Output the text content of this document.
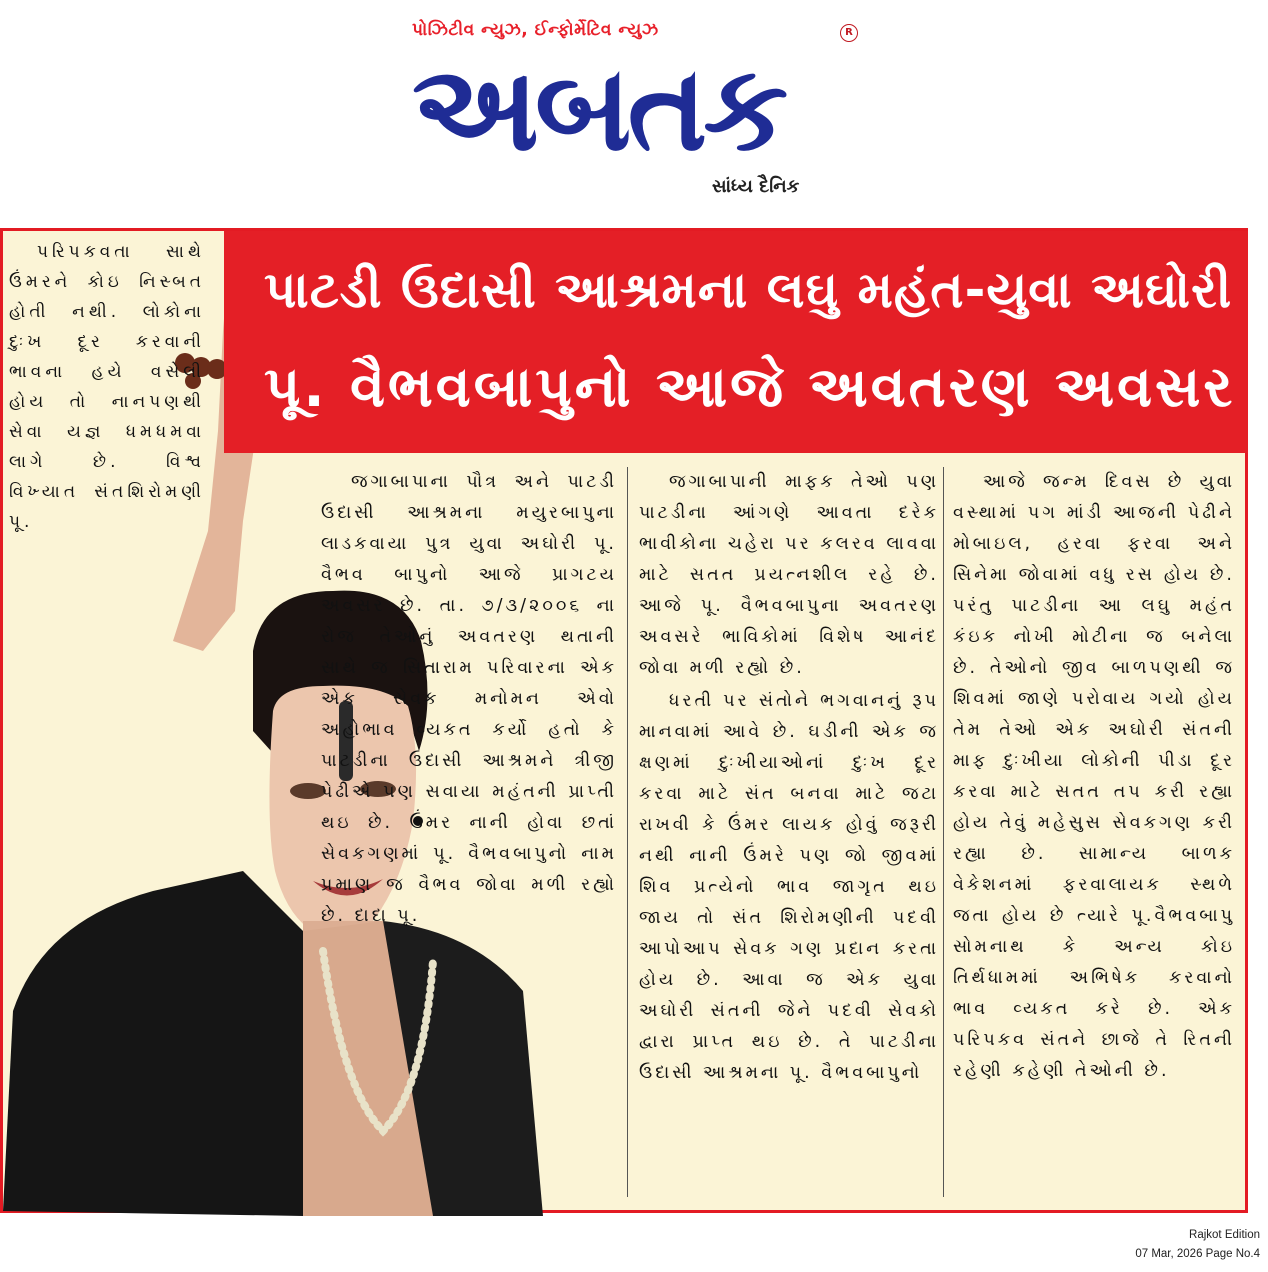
પોઝિટીવ ન્યુઝ, ઈન્ફોર્મેટિવ ન્યુઝ
અબતક
R
સાંધ્ય દૈનિક
પરિપકવતા સાથે ઉંમરને કોઇ નિસ્બત હોતી નથી. લોકોના દુઃખ દૂર કરવાની ભાવના હયે વસેલી હોય તો નાનપણથી સેવા યજ્ઞ ધમધમવા લાગે છે. વિશ્વ વિખ્યાત સંતશિરોમણી પૂ.
પાટડી ઉદાસી આશ્રમના લઘુ મહંત-યુવા અઘોરી
પૂ. વૈભવબાપુનો આજે અવતરણ અવસર

જગાબાપાના પૌત્ર અને પાટડી ઉદાસી આશ્રમના મયુરબાપુના લાડકવાયા પુત્ર યુવા અઘોરી પૂ. વૈભવ બાપુનો આજે પ્રાગટય અવસર છે. તા. ૭/૩/૨૦૦૬ ના રોજ તેઓનું અવતરણ થતાની સાથે જ સિતારામ પરિવારના એક એક સેવક મનોમન એવો અહોભાવ વ્યકત કર્યો હતો કે પાટડીના ઉદાસી આશ્રમને ત્રીજી પેઢીએ પણ સવાયા મહંતની પ્રાપ્તી થઇ છે. ઉંમર નાની હોવા છતાં સેવકગણમાં પૂ. વૈભવબાપુનો નામ પ્રમાણ જ વૈભવ જોવા મળી રહ્યો છે. દાદા પૂ.

જગાબાપાની માફક તેઓ પણ પાટડીના આંગણે આવતા દરેક ભાવીકોના ચહેરા પર કલરવ લાવવા માટે સતત પ્રયત્નશીલ રહે છે. આજે પૂ. વૈભવબાપુના અવતરણ અવસરે ભાવિકોમાં વિશેષ આનંદ જોવા મળી રહ્યો છે.

ધરતી પર સંતોને ભગવાનનું રૂપ માનવામાં આવે છે. ઘડીની એક જ ક્ષણમાં દુઃખીયાઓનાં દુઃખ દૂર કરવા માટે સંત બનવા માટે જટા રાખવી કે ઉંમર લાયક હોવું જરૂરી નથી નાની ઉંમરે પણ જો જીવમાં શિવ પ્રત્યેનો ભાવ જાગૃત થઇ જાય તો સંત શિરોમણીની પદવી આપોઆપ સેવક ગણ પ્રદાન કરતા હોય છે. આવા જ એક યુવા અઘોરી સંતની જેને પદવી સેવકો દ્વારા પ્રાપ્ત થઇ છે. તે પાટડીના ઉદાસી આશ્રમના પૂ. વૈભવબાપુનો

આજે જન્મ દિવસ છે યુવા વસ્થામાં પગ માંડી આજની પેઢીને મોબાઇલ, હરવા ફરવા અને સિનેમા જોવામાં વધુ રસ હોય છે. પરંતુ પાટડીના આ લઘુ મહંત કંઇક નોખી મોટીના જ બનેલા છે. તેઓનો જીવ બાળપણથી જ શિવમાં જાણે પરોવાય ગયો હોય તેમ તેઓ એક અઘોરી સંતની માફ દુઃખીયા લોકોની પીડા દૂર કરવા માટે સતત તપ કરી રહ્યા હોય તેવું મહેસુસ સેવકગણ કરી રહ્યા છે. સામાન્ય બાળક વેકેશનમાં ફરવાલાયક સ્થળે જતા હોય છે ત્યારે પૂ.વૈભવબાપુ સોમનાથ કે અન્ય કોઇ તિર્થધામમાં અભિષેક કરવાનો ભાવ વ્યકત કરે છે. એક પરિપકવ સંતને છાજે તે રિતની રહેણી કહેણી તેઓની છે.

Rajkot Edition
07 Mar, 2026 Page No.4
